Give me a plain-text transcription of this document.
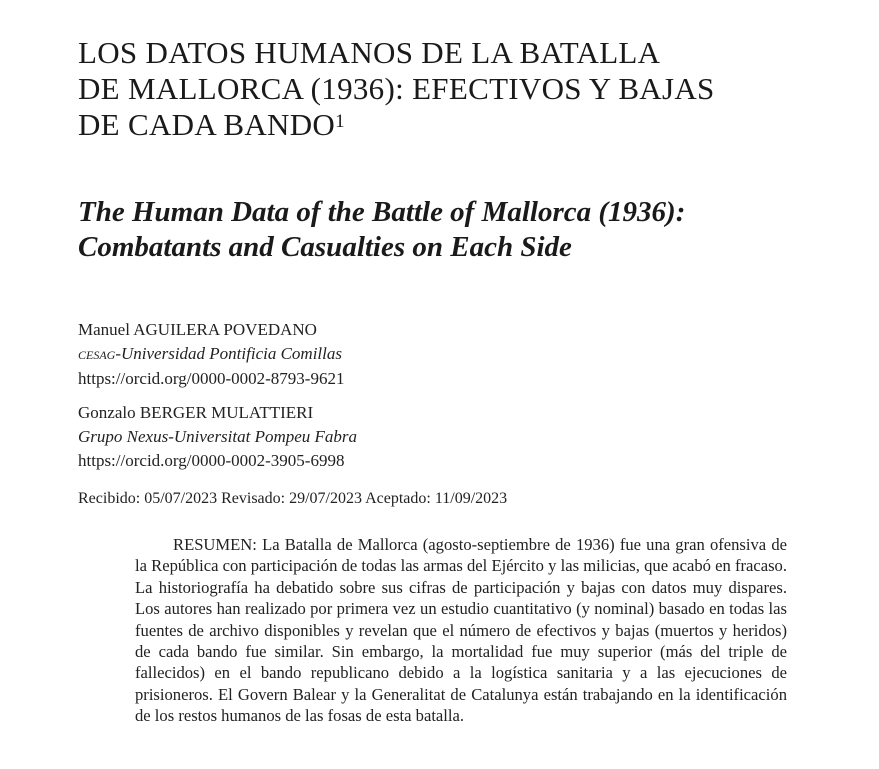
LOS DATOS HUMANOS DE LA BATALLA
DE MALLORCA (1936): EFECTIVOS Y BAJAS
DE CADA BANDO$^1$
The Human Data of the Battle of Mallorca (1936):
Combatants and Casualties on Each Side
Manuel AGUILERA POVEDANO
CESAG-Universidad Pontificia Comillas
https://orcid.org/0000-0002-8793-9621
Gonzalo BERGER MULATTIERI
Grupo Nexus-Universitat Pompeu Fabra
https://orcid.org/0000-0002-3905-6998
Recibido: 05/07/2023 Revisado: 29/07/2023 Aceptado: 11/09/2023

RESUMEN: La Batalla de Mallorca (agosto-septiembre de 1936) fue una gran ofensiva de la República con participación de todas las armas del Ejército y las milicias, que acabó en fracaso. La historiografía ha debatido sobre sus cifras de participación y bajas con datos muy dispares. Los autores han realizado por primera vez un estudio cuantitativo (y nominal) basado en todas las fuentes de archivo disponibles y revelan que el número de efectivos y bajas (muertos y heridos) de cada bando fue similar. Sin embargo, la mortalidad fue muy superior (más del triple de fallecidos) en el bando republicano debido a la logística sanitaria y a las ejecuciones de prisioneros. El Govern Balear y la Generalitat de Catalunya están trabajando en la identificación de los restos humanos de las fosas de esta batalla.
